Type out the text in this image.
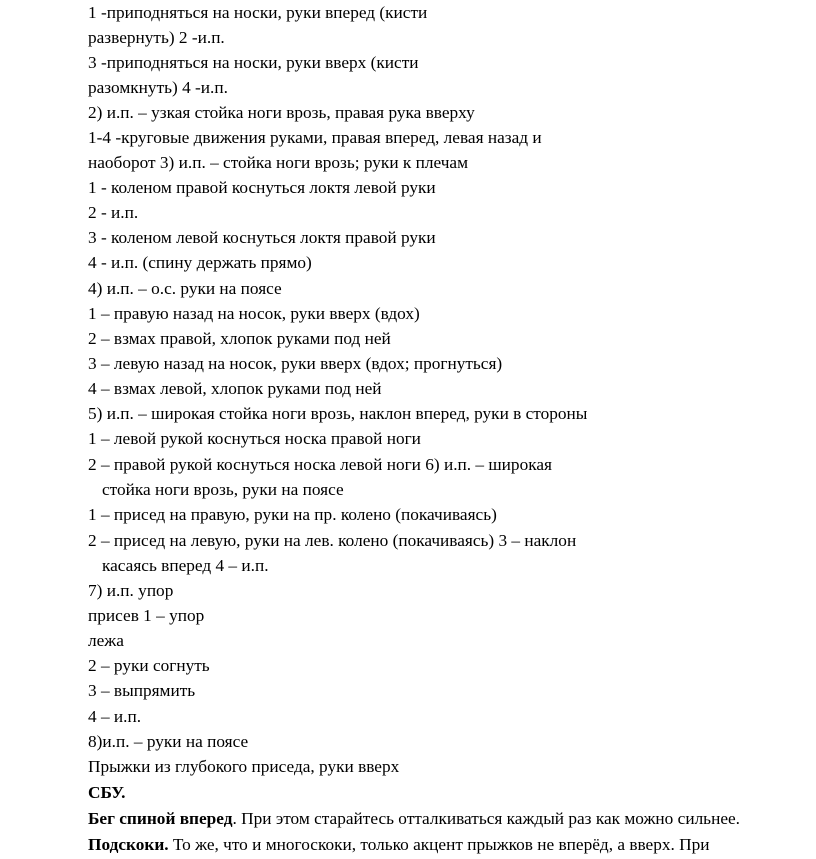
1 -приподняться на носки, руки вперед (кисти
развернуть) 2 -и.п.
3 -приподняться на носки, руки вверх (кисти
разомкнуть) 4 -и.п.
2) и.п. – узкая стойка ноги врозь, правая рука вверху
1-4 -круговые движения руками, правая вперед, левая назад и
наоборот 3) и.п. – стойка ноги врозь; руки к плечам
1 - коленом правой коснуться локтя левой руки
2 - и.п.
3 - коленом левой коснуться локтя правой руки
4 - и.п. (спину держать прямо)
4) и.п. – о.с. руки на поясе
1 – правую назад на носок, руки вверх (вдох)
2 – взмах правой, хлопок руками под ней
3 – левую назад на носок, руки вверх (вдох; прогнуться)
4 – взмах левой, хлопок руками под ней
5) и.п. – широкая стойка ноги врозь, наклон вперед, руки в стороны
1 – левой рукой коснуться носка правой ноги
2 – правой рукой коснуться носка левой ноги 6) и.п. – широкая
стойка ноги врозь, руки на поясе
1 – присед на правую, руки на пр. колено (покачиваясь)
2 – присед на левую, руки на лев. колено (покачиваясь) 3 – наклон
касаясь вперед 4 – и.п.
7) и.п. упор
присев 1 – упор
лежа
2 – руки согнуть
3 – выпрямить
4 – и.п.
8)и.п. – руки на поясе
Прыжки из глубокого приседа, руки вверх
СБУ.
Бег спиной вперед. При этом старайтесь отталкиваться каждый раз как можно сильнее.
Подскоки. То же, что и многоскоки, только акцент прыжков не вперёд, а вверх. При
